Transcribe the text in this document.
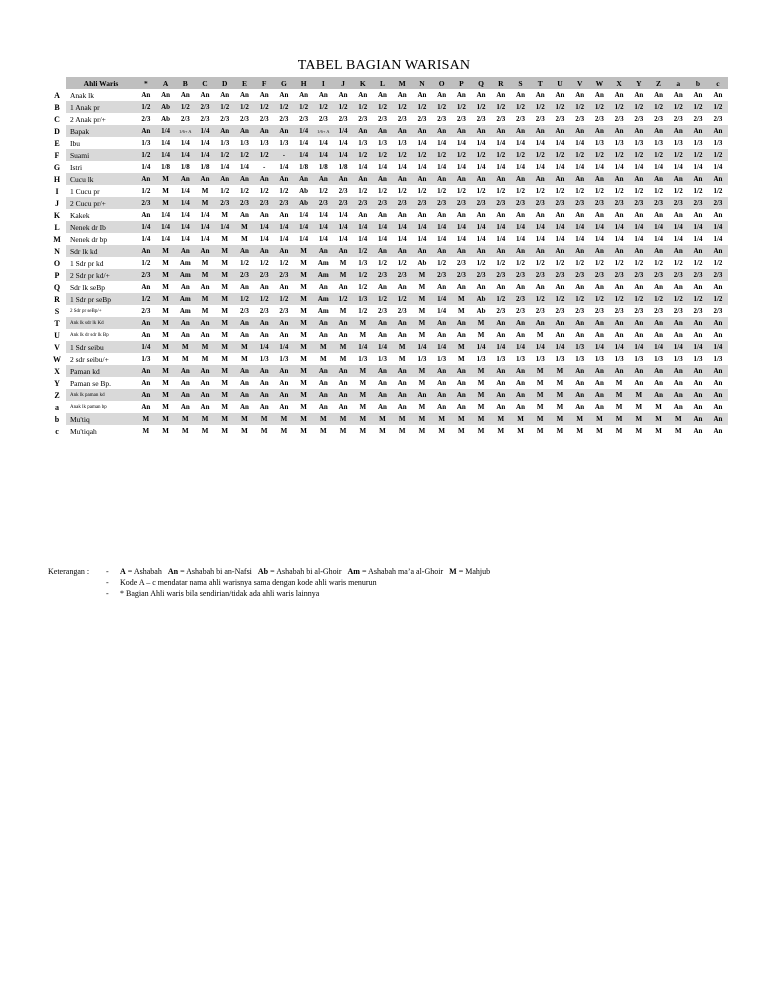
TABEL BAGIAN WARISAN
	Ahli Waris	*	A	B	C	D	E	F	G	H	I	J	K	L	M	N	O	P	Q	R	S	T	U	V	W	X	Y	Z	a	b	c
A	Anak lk	An	An	An	An	An	An	An	An	An	An	An	An	An	An	An	An	An	An	An	An	An	An	An	An	An	An	An	An	An	An
B	1 Anak pr	1/2	Ab	1/2	2/3	1/2	1/2	1/2	1/2	1/2	1/2	1/2	1/2	1/2	1/2	1/2	1/2	1/2	1/2	1/2	1/2	1/2	1/2	1/2	1/2	1/2	1/2	1/2	1/2	1/2	1/2
C	2 Anak pr/+	2/3	Ab	2/3	2/3	2/3	2/3	2/3	2/3	2/3	2/3	2/3	2/3	2/3	2/3	2/3	2/3	2/3	2/3	2/3	2/3	2/3	2/3	2/3	2/3	2/3	2/3	2/3	2/3	2/3	2/3
D	Bapak	An	1/4	1/6+ A	1/4	An	An	An	An	1/4	1/6+ A	1/4	An	An	An	An	An	An	An	An	An	An	An	An	An	An	An	An	An	An	An
E	Ibu	1/3	1/4	1/4	1/4	1/3	1/3	1/3	1/3	1/4	1/4	1/4	1/3	1/3	1/3	1/4	1/4	1/4	1/4	1/4	1/4	1/4	1/4	1/4	1/3	1/3	1/3	1/3	1/3	1/3	1/3
F	Suami	1/2	1/4	1/4	1/4	1/2	1/2	1/2	-	1/4	1/4	1/4	1/2	1/2	1/2	1/2	1/2	1/2	1/2	1/2	1/2	1/2	1/2	1/2	1/2	1/2	1/2	1/2	1/2	1/2	1/2
G	Istri	1/4	1/8	1/8	1/8	1/4	1/4	-	1/4	1/8	1/8	1/8	1/4	1/4	1/4	1/4	1/4	1/4	1/4	1/4	1/4	1/4	1/4	1/4	1/4	1/4	1/4	1/4	1/4	1/4	1/4
H	Cucu lk	An	M	An	An	An	An	An	An	An	An	An	An	An	An	An	An	An	An	An	An	An	An	An	An	An	An	An	An	An	An
I	1 Cucu pr	1/2	M	1/4	M	1/2	1/2	1/2	1/2	Ab	1/2	2/3	1/2	1/2	1/2	1/2	1/2	1/2	1/2	1/2	1/2	1/2	1/2	1/2	1/2	1/2	1/2	1/2	1/2	1/2	1/2
J	2 Cucu pr/+	2/3	M	1/4	M	2/3	2/3	2/3	2/3	Ab	2/3	2/3	2/3	2/3	2/3	2/3	2/3	2/3	2/3	2/3	2/3	2/3	2/3	2/3	2/3	2/3	2/3	2/3	2/3	2/3	2/3
K	Kakek	An	1/4	1/4	1/4	M	An	An	An	1/4	1/4	1/4	An	An	An	An	An	An	An	An	An	An	An	An	An	An	An	An	An	An	An
L	Nenek dr Ib	1/4	1/4	1/4	1/4	1/4	M	1/4	1/4	1/4	1/4	1/4	1/4	1/4	1/4	1/4	1/4	1/4	1/4	1/4	1/4	1/4	1/4	1/4	1/4	1/4	1/4	1/4	1/4	1/4	1/4
M	Nenek dr bp	1/4	1/4	1/4	1/4	M	M	1/4	1/4	1/4	1/4	1/4	1/4	1/4	1/4	1/4	1/4	1/4	1/4	1/4	1/4	1/4	1/4	1/4	1/4	1/4	1/4	1/4	1/4	1/4	1/4
N	Sdr lk kd	An	M	An	An	M	An	An	An	M	An	An	1/2	An	An	An	An	An	An	An	An	An	An	An	An	An	An	An	An	An	An
O	1 Sdr pr kd	1/2	M	Am	M	M	1/2	1/2	1/2	M	Am	M	1/3	1/2	1/2	Ab	1/2	2/3	1/2	1/2	1/2	1/2	1/2	1/2	1/2	1/2	1/2	1/2	1/2	1/2	1/2
P	2 Sdr pr kd/+	2/3	M	Am	M	M	2/3	2/3	2/3	M	Am	M	1/2	2/3	2/3	M	2/3	2/3	2/3	2/3	2/3	2/3	2/3	2/3	2/3	2/3	2/3	2/3	2/3	2/3	2/3
Q	Sdr lk seBp	An	M	An	An	M	An	An	An	M	An	An	1/2	An	An	M	An	An	An	An	An	An	An	An	An	An	An	An	An	An	An
R	1 Sdr pr seBp	1/2	M	Am	M	M	1/2	1/2	1/2	M	Am	1/2	1/3	1/2	1/2	M	1/4	M	Ab	1/2	2/3	1/2	1/2	1/2	1/2	1/2	1/2	1/2	1/2	1/2	1/2
S	2 Sdr pr seBp/+	2/3	M	Am	M	M	2/3	2/3	2/3	M	Am	M	1/2	2/3	2/3	M	1/4	M	Ab	2/3	2/3	2/3	2/3	2/3	2/3	2/3	2/3	2/3	2/3	2/3	2/3
T	Ank lk sdr lk Kd	An	M	An	An	M	An	An	An	M	An	An	M	An	An	M	An	An	M	An	An	An	An	An	An	An	An	An	An	An	An
U	Ank lk dr sdr lk Bp	An	M	An	An	M	An	An	An	M	An	An	M	An	An	M	An	An	M	An	An	M	An	An	An	An	An	An	An	An	An
V	1 Sdr seibu	1/4	M	M	M	M	M	1/4	1/4	M	M	M	1/4	1/4	M	1/4	1/4	M	1/4	1/4	1/4	1/4	1/4	1/3	1/4	1/4	1/4	1/4	1/4	1/4	1/4
W	2 sdr seibu/+	1/3	M	M	M	M	M	1/3	1/3	M	M	M	1/3	1/3	M	1/3	1/3	M	1/3	1/3	1/3	1/3	1/3	1/3	1/3	1/3	1/3	1/3	1/3	1/3	1/3
X	Paman kd	An	M	An	An	M	An	An	An	M	An	An	M	An	An	M	An	An	M	An	An	M	M	An	An	An	An	An	An	An	An
Y	Paman se Bp.	An	M	An	An	M	An	An	An	M	An	An	M	An	An	M	An	An	M	An	An	M	M	An	An	M	An	An	An	An	An
Z	Ank lk paman kd	An	M	An	An	M	An	An	An	M	An	An	M	An	An	An	An	An	M	An	An	M	M	An	An	M	M	An	An	An	An
a	Anak lk paman bp	An	M	An	An	M	An	An	An	M	An	An	M	An	An	M	An	An	M	An	An	M	M	An	An	M	M	M	An	An	An
b	Mu'tiq	M	M	M	M	M	M	M	M	M	M	M	M	M	M	M	M	M	M	M	M	M	M	M	M	M	M	M	M	An	An
c	Mu'tiqah	M	M	M	M	M	M	M	M	M	M	M	M	M	M	M	M	M	M	M	M	M	M	M	M	M	M	M	M	An	An
Keterangan :	- A = Ashabah   An = Ashabah bi an-Nafsi   Ab = Ashabah bi al-Ghoir   Am = Ashabah ma’a al-Ghoir   M = Mahjub
- Kode A – c mendatar nama ahli warisnya sama dengan kode ahli waris menurun
- * Bagian Ahli waris bila sendirian/tidak ada ahli waris lainnya
